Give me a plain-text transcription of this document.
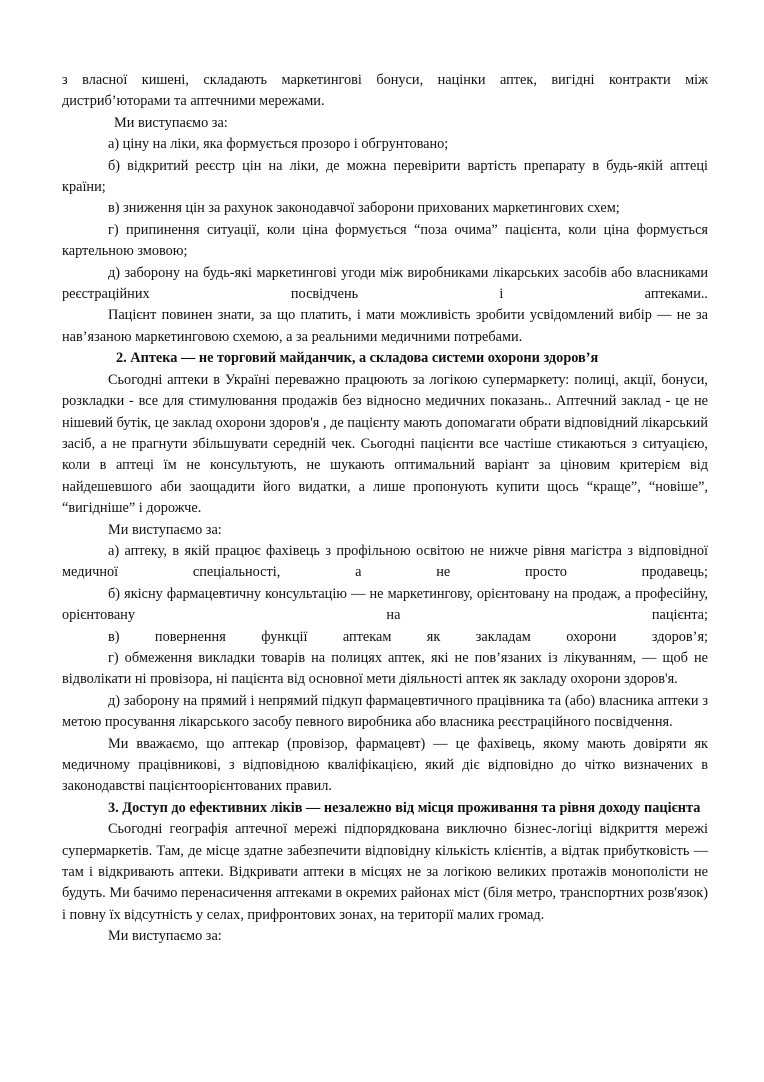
з власної кишені, складають маркетингові бонуси, націнки аптек, вигідні контракти між дистриб’юторами та аптечними мережами.

Ми виступаємо за:

а) ціну на ліки, яка формується прозоро і обгрунтовано;

б) відкритий реєстр цін на ліки, де можна перевірити вартість препарату в будь-якій аптеці країни;

в) зниження цін за рахунок законодавчої заборони прихованих маркетингових схем;

г) припинення ситуації, коли ціна формується “поза очима” пацієнта, коли ціна формується картельною змовою;

д) заборону на будь-які маркетингові угоди між виробниками лікарських засобів або власниками реєстраційних посвідчень і аптеками..

Пацієнт повинен знати, за що платить, і мати можливість зробити усвідомлений вибір — не за нав’язаною маркетинговою схемою, а за реальними медичними потребами.

2. Аптека — не торговий майданчик, а складова системи охорони здоров’я

Сьогодні аптеки в Україні переважно працюють за логікою супермаркету: полиці, акції, бонуси, розкладки - все для стимулювання продажів без відносно медичних показань.. Аптечний заклад - це не нішевий бутік, це заклад охорони здоров'я , де пацієнту мають допомагати обрати відповідний лікарський засіб, а не прагнути збільшувати середній чек. Сьогодні пацієнти все частіше стикаються з ситуацією, коли в аптеці їм не консультують, не шукають оптимальний варіант за ціновим критерієм від найдешевшого аби заощадити його видатки, а лише пропонують купити щось “краще”, “новіше”, “вигідніше” і дорожче.

Ми виступаємо за:

а) аптеку, в якій працює фахівець з профільною освітою не нижче рівня магістра з відповідної медичної спеціальності, а не просто продавець;

б) якісну фармацевтичну консультацію — не маркетингову, орієнтовану на продаж, а професійну, орієнтовану на пацієнта;

в) повернення функції аптекам як закладам охорони здоров’я;

г) обмеження викладки товарів на полицях аптек, які не пов’язаних із лікуванням, — щоб не відволікати ні провізора, ні пацієнта від основної мети діяльності аптек як закладу охорони здоров'я.

д) заборону на прямий і непрямий підкуп фармацевтичного працівника та (або) власника аптеки з метою просування лікарського засобу певного виробника або власника реєстраційного посвідчення.

Ми вважаємо, що аптекар (провізор, фармацевт) — це фахівець, якому мають довіряти як медичному працівникові, з відповідною кваліфікацією, який діє відповідно до чітко визначених в законодавстві пацієнтоорієнтованих правил.

3. Доступ до ефективних ліків — незалежно від місця проживання та рівня доходу пацієнта

Сьогодні географія аптечної мережі підпорядкована виключно бізнес-логіці відкриття мережі супермаркетів. Там, де місце здатне забезпечити відповідну кількість клієнтів, а відтак прибутковість — там і відкривають аптеки. Відкривати аптеки в місцях не за логікою великих протажів монополісти не будуть. Ми бачимо перенасичення аптеками в окремих районах міст (біля метро, транспортних розв'язок) і повну їх відсутність у селах, прифронтових зонах, на території малих громад.

Ми виступаємо за:
